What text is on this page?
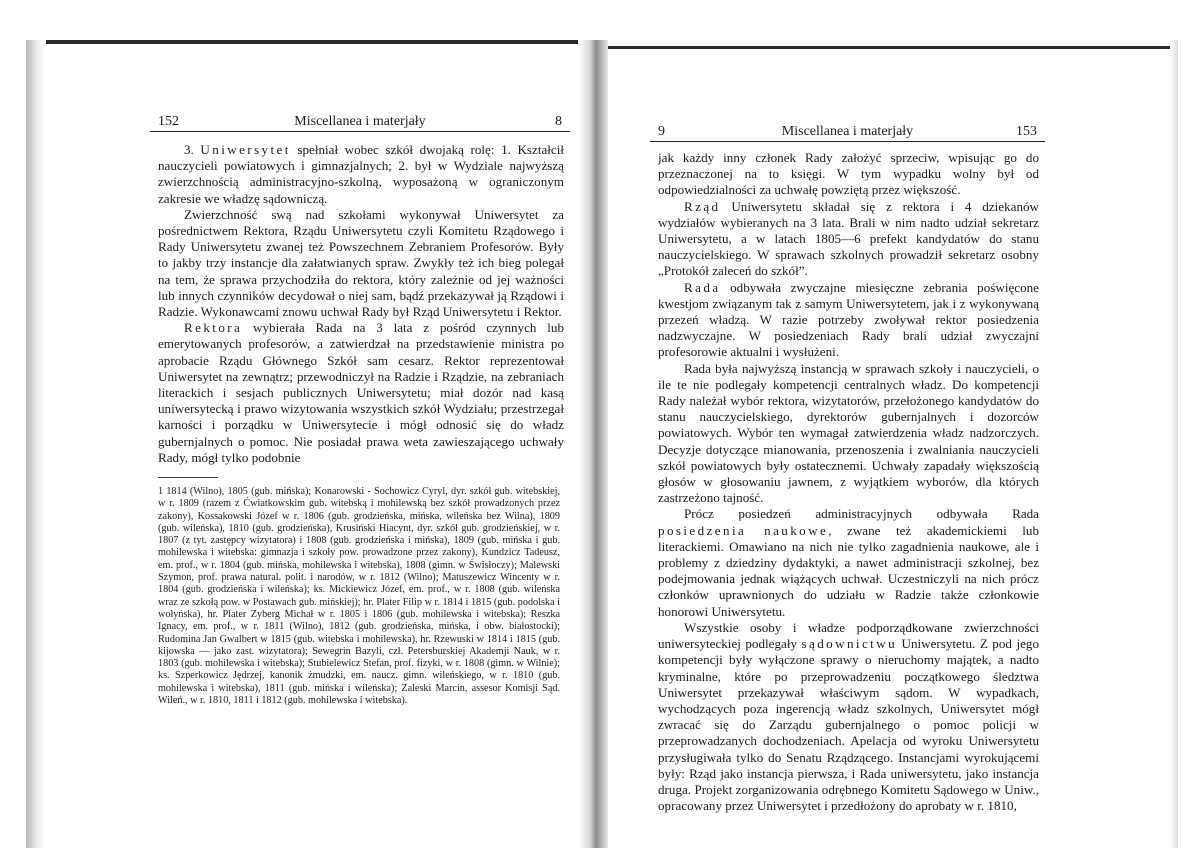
152	Miscellanea i materjały	8

3. Uniwersytet spełniał wobec szkół dwojaką rolę: 1. Kształcił nauczycieli powiatowych i gimnazjalnych; 2. był w Wydziale najwyższą zwierzchnością administracyjno-szkolną, wyposażoną w ograniczonym zakresie we władzę sądowniczą.

Zwierzchność swą nad szkołami wykonywał Uniwersytet za pośrednictwem Rektora, Rządu Uniwersytetu czyli Komitetu Rządowego i Rady Uniwersytetu zwanej też Powszechnem Zebraniem Profesorów. Były to jakby trzy instancje dla załatwianych spraw. Zwykły też ich bieg polegał na tem, że sprawa przychodziła do rektora, który zależnie od jej ważności lub innych czynników decydował o niej sam, bądź przekazywał ją Rządowi i Radzie. Wykonawcami znowu uchwał Rady był Rząd Uniwersytetu i Rektor.

Rektora wybierała Rada na 3 lata z pośród czynnych lub emerytowanych profesorów, a zatwierdzał na przedstawienie ministra po aprobacie Rządu Głównego Szkół sam cesarz. Rektor reprezentował Uniwersytet na zewnątrz; przewodniczył na Radzie i Rządzie, na zebraniach literackich i sesjach publicznych Uniwersytetu; miał dozór nad kasą uniwersytecką i prawo wizytowania wszystkich szkół Wydziału; przestrzegał karności i porządku w Uniwersytecie i mógł odnosić się do władz gubernjalnych o pomoc. Nie posiadał prawa weta zawieszającego uchwały Rady, mógł tylko podobnie

1 1814 (Wilno), 1805 (gub. mińska); Konarowski - Sochowicz Cyryl, dyr. szkół gub. witebskiej, w r. 1809 (razem z Ćwiatkowskim gub. witebską i mohilewską bez szkół prowadzonych przez zakony), Kossakowski Józef w r. 1806 (gub. grodzieńska, mińska, wileńska bez Wilna), 1809 (gub. wileńska), 1810 (gub. grodzieńska), Krusiński Hiacynt, dyr. szkół gub. grodzieńskiej, w r. 1807 (z tyt. zastępcy wizytatora) i 1808 (gub. grodzieńska i mińska), 1809 (gub. mińska i gub. mohilewska i witebska: gimnazja i szkoły pow. prowadzone przez zakony), Kundzicz Tadeusz, em. prof., w r. 1804 (gub. mińska, mohilewska i witebska), 1808 (gimn. w Świsłoczy); Malewski Szymon, prof. prawa natural. polit. i narodów, w r. 1812 (Wilno); Matuszewicz Wincenty w r. 1804 (gub. grodzieńska i wileńska); ks. Mickiewicz Józef, em. prof., w r. 1808 (gub. wileńska wraz ze szkołą pow. w Postawach gub. mińskiej); hr. Plater Filip w r. 1814 i 1815 (gub. podolska i wołyńska), hr. Plater Zyberg Michał w r. 1805 i 1806 (gub. mohilewska i witebska); Reszka Ignacy, em. prof., w r. 1811 (Wilno), 1812 (gub. grodzieńska, mińska, i obw. białostocki); Rudomina Jan Gwalbert w 1815 (gub. witebska i mohilewska), hr. Rzewuski w 1814 i 1815 (gub. kijowska — jako zast. wizytatora); Sewegrin Bazyli, czł. Petersburskiej Akademji Nauk, w r. 1803 (gub. mohilewska i witebska); Stubielewicz Stefan, prof. fizyki, w r. 1808 (gimn. w Wilnie); ks. Szperkowicz Jędrzej, kanonik żmudzki, em. naucz. gimn. wileńskiego, w r. 1810 (gub. mohilewska i witebska), 1811 (gub. mińska i wileńska); Zaleski Marcin, assesor Komisji Sąd. Wileń., w r. 1810, 1811 i 1812 (gub. mohilewska i witebska).
9	Miscellanea i materjały	153

jak każdy inny członek Rady założyć sprzeciw, wpisując go do przeznaczonej na to księgi. W tym wypadku wolny był od odpowiedzialności za uchwałę powziętą przez większość.

Rząd Uniwersytetu składał się z rektora i 4 dziekanów wydziałów wybieranych na 3 lata. Brali w nim nadto udział sekretarz Uniwersytetu, a w latach 1805—6 prefekt kandydatów do stanu nauczycielskiego. W sprawach szkolnych prowadził sekretarz osobny „Protokół zaleceń do szkół”.

Rada odbywała zwyczajne miesięczne zebrania poświęcone kwestjom związanym tak z samym Uniwersytetem, jak i z wykonywaną przezeń władzą. W razie potrzeby zwoływał rektor posiedzenia nadzwyczajne. W posiedzeniach Rady brali udział zwyczajni profesorowie aktualni i wysłużeni.

Rada była najwyższą instancją w sprawach szkoły i nauczycieli, o ile te nie podlegały kompetencji centralnych władz. Do kompetencji Rady należał wybór rektora, wizytatorów, przełożonego kandydatów do stanu nauczycielskiego, dyrektorów gubernjalnych i dozorców powiatowych. Wybór ten wymagał zatwierdzenia władz nadzorczych. Decyzje dotyczące mianowania, przenoszenia i zwalniania nauczycieli szkół powiatowych były ostatecznemi. Uchwały zapadały większością głosów w głosowaniu jawnem, z wyjątkiem wyborów, dla których zastrzeżono tajność.

Prócz posiedzeń administracyjnych odbywała Rada posiedzenia naukowe, zwane też akademickiemi lub literackiemi. Omawiano na nich nie tylko zagadnienia naukowe, ale i problemy z dziedziny dydaktyki, a nawet administracji szkolnej, bez podejmowania jednak wiążących uchwał. Uczestniczyli na nich prócz członków uprawnionych do udziału w Radzie także członkowie honorowi Uniwersytetu.

Wszystkie osoby i władze podporządkowane zwierzchności uniwersyteckiej podlegały sądownictwu Uniwersytetu. Z pod jego kompetencji były wyłączone sprawy o nieruchomy majątek, a nadto kryminalne, które po przeprowadzeniu początkowego śledztwa Uniwersytet przekazywał właściwym sądom. W wypadkach, wychodzących poza ingerencją władz szkolnych, Uniwersytet mógł zwracać się do Zarządu gubernjalnego o pomoc policji w przeprowadzanych dochodzeniach. Apelacja od wyroku Uniwersytetu przysługiwała tylko do Senatu Rządzącego. Instancjami wyrokującemi były: Rząd jako instancja pierwsza, i Rada uniwersytetu, jako instancja druga. Projekt zorganizowania odrębnego Komitetu Sądowego w Uniw., opracowany przez Uniwersytet i przedłożony do aprobaty w r. 1810,
